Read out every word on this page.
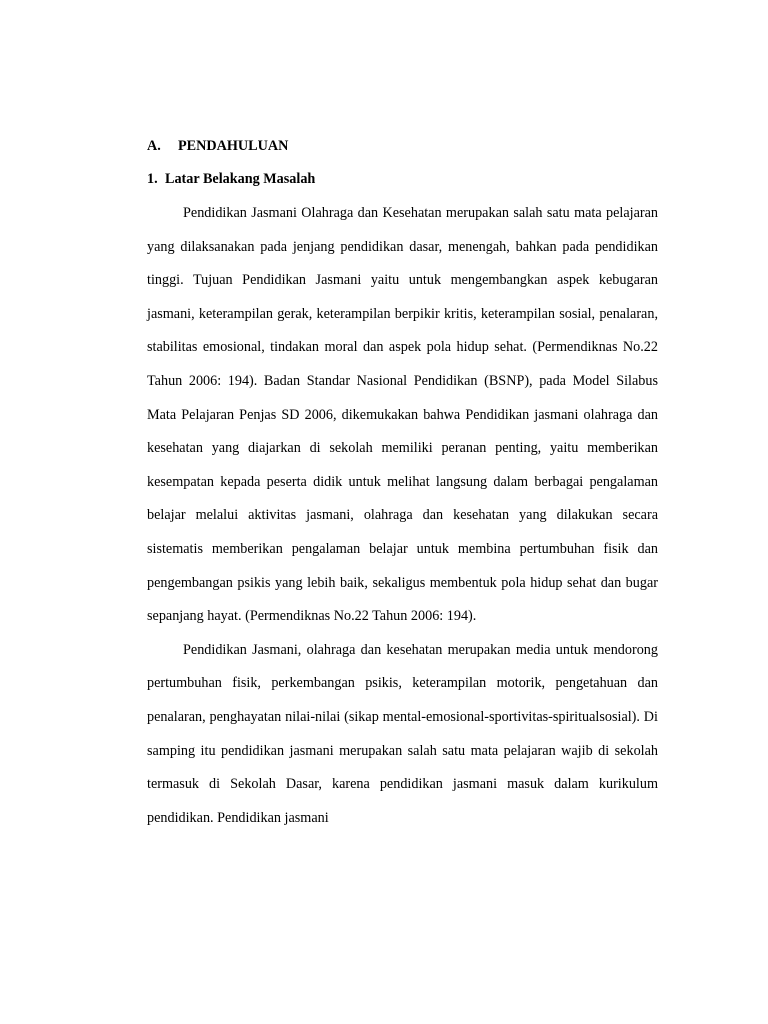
A. PENDAHULUAN
1. Latar Belakang Masalah

Pendidikan Jasmani Olahraga dan Kesehatan merupakan salah satu mata pelajaran yang dilaksanakan pada jenjang pendidikan dasar, menengah, bahkan pada pendidikan tinggi. Tujuan Pendidikan Jasmani yaitu untuk mengembangkan aspek kebugaran jasmani, keterampilan gerak, keterampilan berpikir kritis, keterampilan sosial, penalaran, stabilitas emosional, tindakan moral dan aspek pola hidup sehat. (Permendiknas No.22 Tahun 2006: 194). Badan Standar Nasional Pendidikan (BSNP), pada Model Silabus Mata Pelajaran Penjas SD 2006, dikemukakan bahwa Pendidikan jasmani olahraga dan kesehatan yang diajarkan di sekolah memiliki peranan penting, yaitu memberikan kesempatan kepada peserta didik untuk melihat langsung dalam berbagai pengalaman belajar melalui aktivitas jasmani, olahraga dan kesehatan yang dilakukan secara sistematis memberikan pengalaman belajar untuk membina pertumbuhan fisik dan pengembangan psikis yang lebih baik, sekaligus membentuk pola hidup sehat dan bugar sepanjang hayat. (Permendiknas No.22 Tahun 2006: 194).

Pendidikan Jasmani, olahraga dan kesehatan merupakan media untuk mendorong pertumbuhan fisik, perkembangan psikis, keterampilan motorik, pengetahuan dan penalaran, penghayatan nilai-nilai (sikap mental-emosional-sportivitas-spiritualsosial). Di samping itu pendidikan jasmani merupakan salah satu mata pelajaran wajib di sekolah termasuk di Sekolah Dasar, karena pendidikan jasmani masuk dalam kurikulum pendidikan. Pendidikan jasmani
